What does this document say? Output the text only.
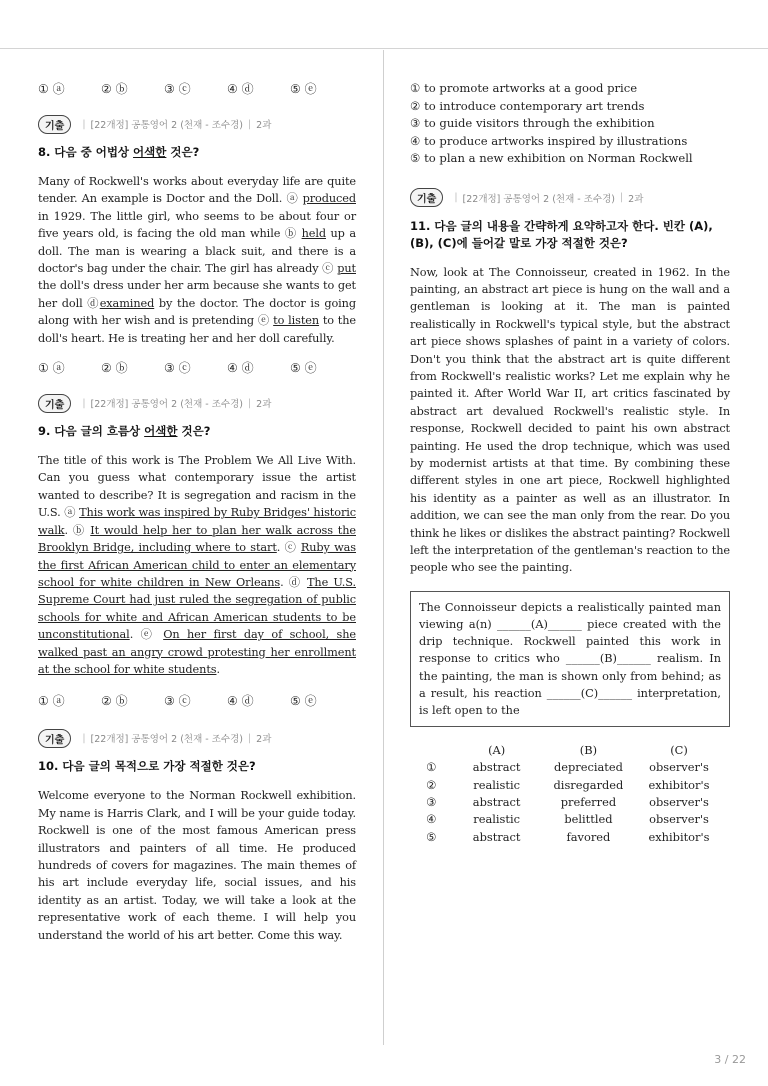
① ⓐ	② ⓑ	③ ⓒ	④ ⓓ	⑤ ⓔ
기출	| [22개정] 공통영어 2 (천재 - 조수경) | 2과
8. 다음 중 어법상 어색한 것은?
Many of Rockwell's works about everyday life are quite tender. An example is Doctor and the Doll. ⓐ produced in 1929. The little girl, who seems to be about four or five years old, is facing the old man while ⓑ held up a doll. The man is wearing a black suit, and there is a doctor's bag under the chair. The girl has already ⓒ put the doll's dress under her arm because she wants to get her doll ⓓexamined by the doctor. The doctor is going along with her wish and is pretending ⓔ to listen to the doll's heart. He is treating her and her doll carefully.
① ⓐ	② ⓑ	③ ⓒ	④ ⓓ	⑤ ⓔ
기출	| [22개정] 공통영어 2 (천재 - 조수경) | 2과
9. 다음 글의 흐름상 어색한 것은?
The title of this work is The Problem We All Live With. Can you guess what contemporary issue the artist wanted to describe? It is segregation and racism in the U.S. ⓐ This work was inspired by Ruby Bridges' historic walk. ⓑ It would help her to plan her walk across the Brooklyn Bridge, including where to start. ⓒ Ruby was the first African American child to enter an elementary school for white children in New Orleans. ⓓ The U.S. Supreme Court had just ruled the segregation of public schools for white and African American students to be unconstitutional. ⓔ On her first day of school, she walked past an angry crowd protesting her enrollment at the school for white students.
① ⓐ	② ⓑ	③ ⓒ	④ ⓓ	⑤ ⓔ
기출	| [22개정] 공통영어 2 (천재 - 조수경) | 2과
10. 다음 글의 목적으로 가장 적절한 것은?
Welcome everyone to the Norman Rockwell exhibition. My name is Harris Clark, and I will be your guide today. Rockwell is one of the most famous American press illustrators and painters of all time. He produced hundreds of covers for magazines. The main themes of his art include everyday life, social issues, and his identity as an artist. Today, we will take a look at the representative work of each theme. I will help you understand the world of his art better. Come this way.
① to promote artworks at a good price
② to introduce contemporary art trends
③ to guide visitors through the exhibition
④ to produce artworks inspired by illustrations
⑤ to plan a new exhibition on Norman Rockwell
기출	| [22개정] 공통영어 2 (천재 - 조수경) | 2과
11. 다음 글의 내용을 간략하게 요약하고자 한다. 빈칸 (A), (B), (C)에 들어갈 말로 가장 적절한 것은?
Now, look at The Connoisseur, created in 1962. In the painting, an abstract art piece is hung on the wall and a gentleman is looking at it. The man is painted realistically in Rockwell's typical style, but the abstract art piece shows splashes of paint in a variety of colors. Don't you think that the abstract art is quite different from Rockwell's realistic works? Let me explain why he painted it. After World War II, art critics fascinated by abstract art devalued Rockwell's realistic style. In response, Rockwell decided to paint his own abstract painting. He used the drop technique, which was used by modernist artists at that time. By combining these different styles in one art piece, Rockwell highlighted his identity as a painter as well as an illustrator. In addition, we can see the man only from the rear. Do you think he likes or dislikes the abstract painting? Rockwell left the interpretation of the gentleman's reaction to the people who see the painting.
The Connoisseur depicts a realistically painted man viewing a(n) ______(A)______ piece created with the drip technique. Rockwell painted this work in response to critics who ______(B)______ realism. In the painting, the man is shown only from behind; as a result, his reaction ______(C)______ interpretation, is left open to the
	(A)	(B)	(C)
①	abstract	depreciated	observer's
②	realistic	disregarded	exhibitor's
③	abstract	preferred	observer's
④	realistic	belittled	observer's
⑤	abstract	favored	exhibitor's
3 / 22
